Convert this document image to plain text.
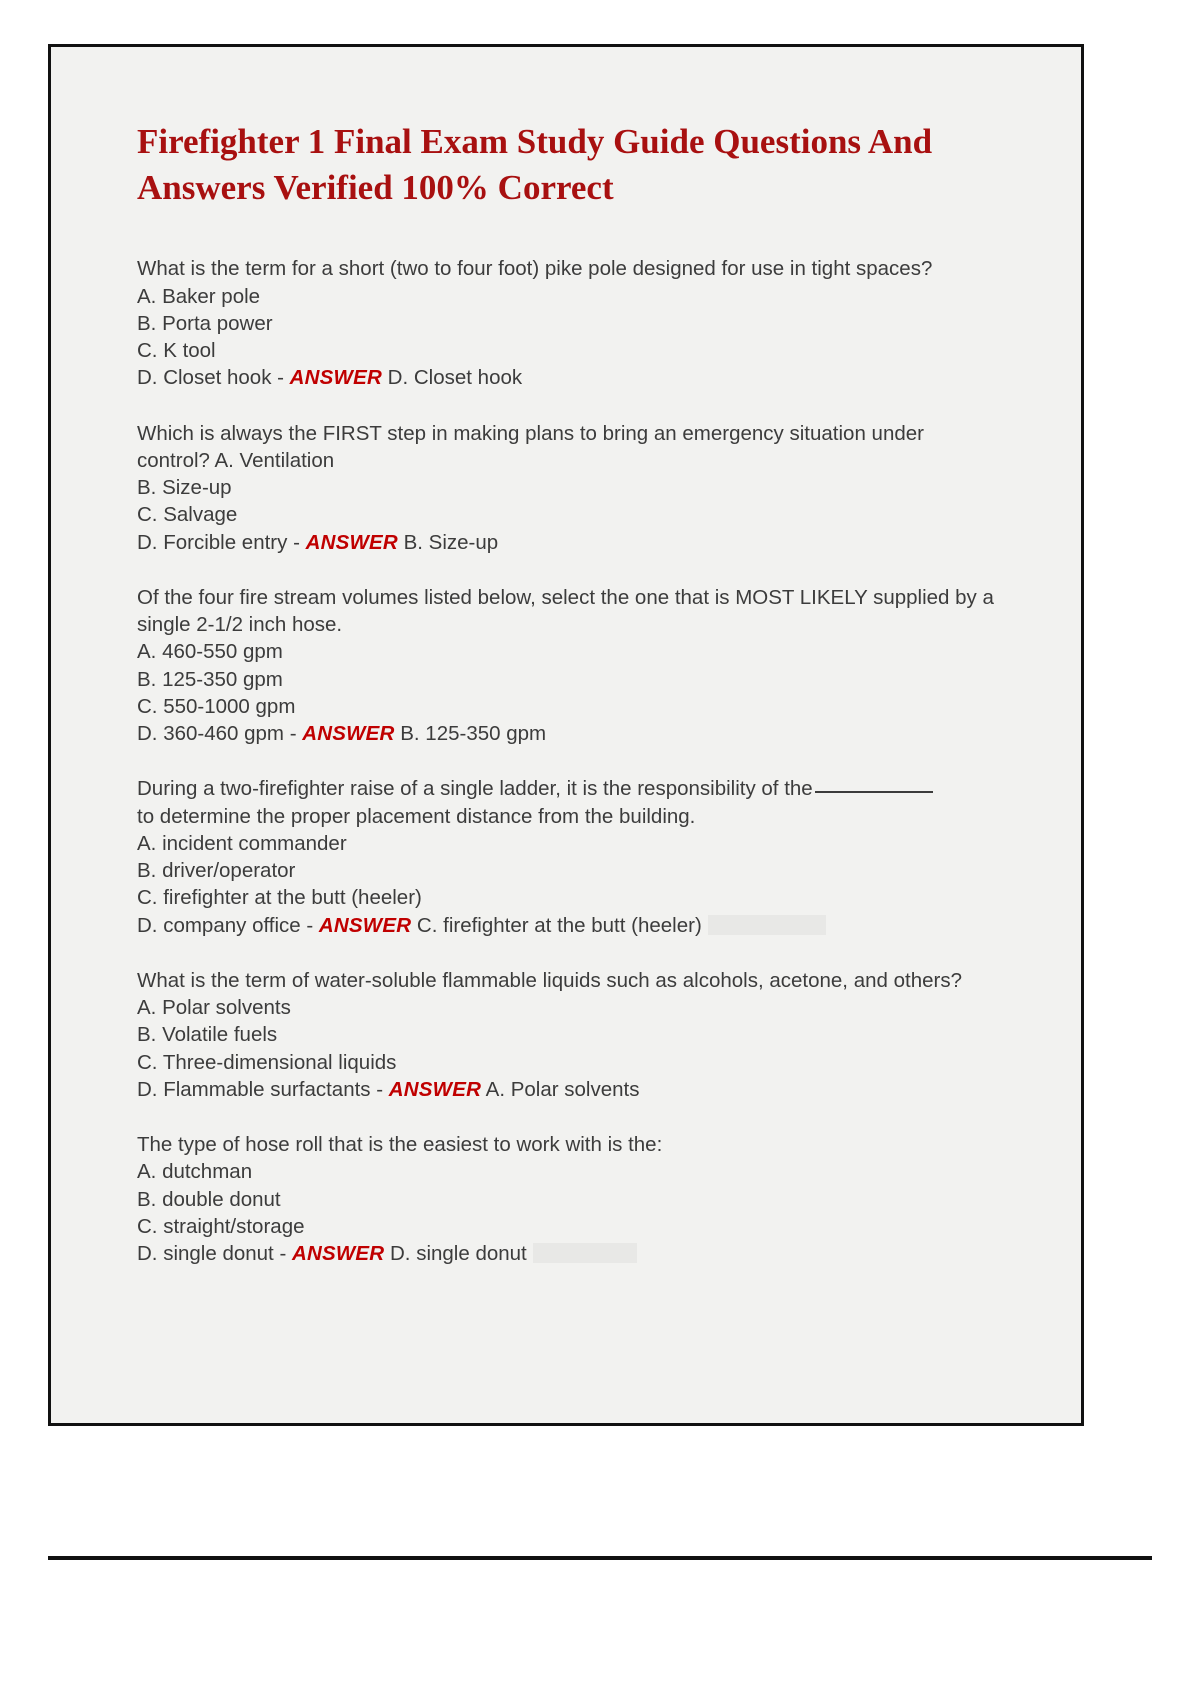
Firefighter 1 Final Exam Study Guide Questions And Answers Verified 100% Correct
What is the term for a short (two to four foot) pike pole designed for use in tight spaces?
A. Baker pole
B. Porta power
C. K tool
D. Closet hook - ANSWER D. Closet hook
Which is always the FIRST step in making plans to bring an emergency situation under control? A. Ventilation
B. Size-up
C. Salvage
D. Forcible entry - ANSWER B. Size-up
Of the four fire stream volumes listed below, select the one that is MOST LIKELY supplied by a single 2-1/2 inch hose.
A. 460-550 gpm
B. 125-350 gpm
C. 550-1000 gpm
D. 360-460 gpm - ANSWER B. 125-350 gpm
During a two-firefighter raise of a single ladder, it is the responsibility of the
to determine the proper placement distance from the building.
A. incident commander
B. driver/operator
C. firefighter at the butt (heeler)
D. company office - ANSWER C. firefighter at the butt (heeler)
What is the term of water-soluble flammable liquids such as alcohols, acetone, and others?
A. Polar solvents
B. Volatile fuels
C. Three-dimensional liquids
D. Flammable surfactants - ANSWER A. Polar solvents
The type of hose roll that is the easiest to work with is the:
A. dutchman
B. double donut
C. straight/storage
D. single donut - ANSWER D. single donut
